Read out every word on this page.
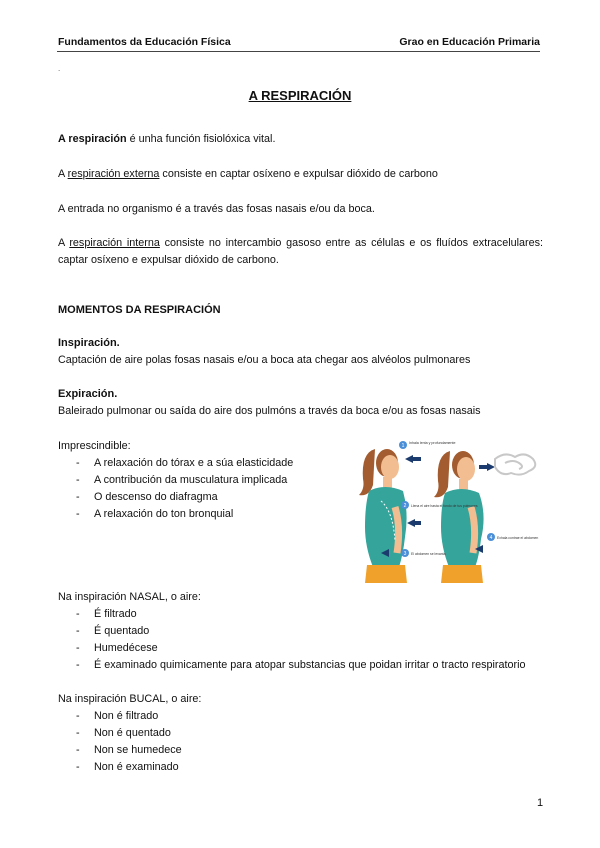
Fundamentos da Educación Física	Grao en Educación Primaria
.
A RESPIRACIÓN
A respiración é unha función fisiolóxica vital.
A respiración externa consiste en captar osíxeno e expulsar dióxido de carbono
A entrada no organismo é a través das fosas nasais e/ou da boca.
A respiración interna consiste no intercambio gasoso entre as células e os fluídos extracelulares: captar osíxeno e expulsar dióxido de carbono.
MOMENTOS DA RESPIRACIÓN
Inspiración.
Captación de aire polas fosas nasais e/ou a boca ata chegar aos alvéolos pulmonares
Expiración.
Baleirado pulmonar ou saída do aire dos pulmóns a través da boca e/ou as fosas nasais
Imprescindible:
- A relaxación do tórax e a súa elasticidade
- A contribución da musculatura implicada
- O descenso do diafragma
- A relaxación do ton bronquial
1 Inhala lenta y profundamente
2 Llena el aire hasta el fondo de tus pulmones
3 El abdomen se levanta
4 Exhala contrae el abdomen
Na inspiración NASAL, o aire:
- É filtrado
- É quentado
- Humedécese
- É examinado quimicamente para atopar substancias que poidan irritar o tracto respiratorio
Na inspiración BUCAL, o aire:
- Non é filtrado
- Non é quentado
- Non se humedece
- Non é examinado
1
